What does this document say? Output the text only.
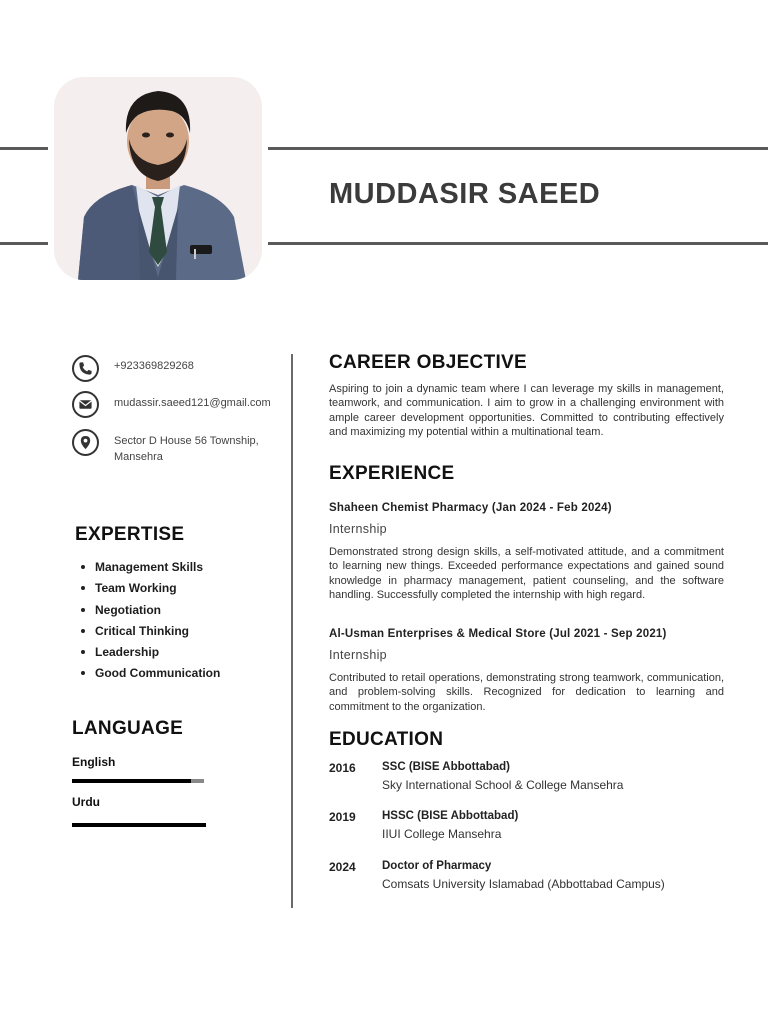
MUDDASIR SAEED
+923369829268
mudassir.saeed121@gmail.com
Sector D House 56 Township,
Mansehra
EXPERTISE
Management Skills
Team Working
Negotiation
Critical Thinking
Leadership
Good Communication
LANGUAGE
English
Urdu
CAREER OBJECTIVE

Aspiring to join a dynamic team where I can leverage my skills in management, teamwork, and communication. I aim to grow in a challenging environment with ample career development opportunities. Committed to contributing effectively and maximizing my potential within a multinational team.

EXPERIENCE
Shaheen Chemist Pharmacy (Jan 2024 - Feb 2024)
Internship

Demonstrated strong design skills, a self-motivated attitude, and a commitment to learning new things. Exceeded performance expectations and gained sound knowledge in pharmacy management, patient counseling, and the software handling. Successfully completed the internship with high regard.

Al-Usman Enterprises & Medical Store (Jul 2021 - Sep 2021)
Internship

Contributed to retail operations, demonstrating strong teamwork, communication, and problem-solving skills. Recognized for dedication to learning and commitment to the organization.

EDUCATION
2016 SSC (BISE Abbottabad)
Sky International School & College Mansehra
2019 HSSC (BISE Abbottabad)
IIUI College Mansehra
2024 Doctor of Pharmacy
Comsats University Islamabad (Abbottabad Campus)
